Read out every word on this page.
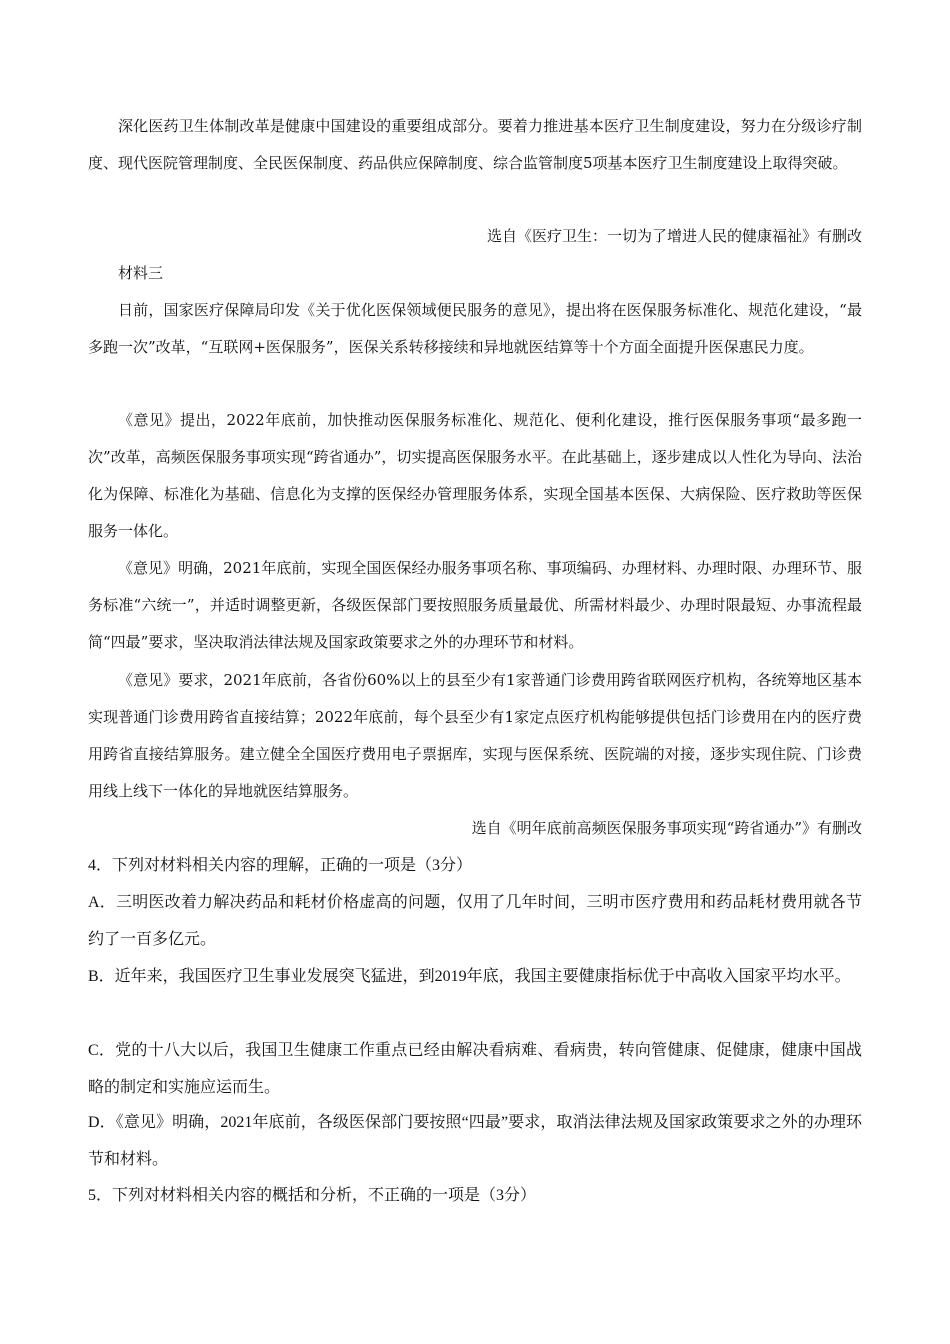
深化医药卫生体制改革是健康中国建设的重要组成部分。要着力推进基本医疗卫生制度建设，努力在分级诊疗制度、现代医院管理制度、全民医保制度、药品供应保障制度、综合监管制度5项基本医疗卫生制度建设上取得突破。

选自《医疗卫生：一切为了增进人民的健康福祉》有删改

材料三

日前，国家医疗保障局印发《关于优化医保领域便民服务的意见》，提出将在医保服务标准化、规范化建设，“最多跑一次”改革，“互联网+医保服务”，医保关系转移接续和异地就医结算等十个方面全面提升医保惠民力度。

《意见》提出，2022年底前，加快推动医保服务标准化、规范化、便利化建设，推行医保服务事项“最多跑一次”改革，高频医保服务事项实现“跨省通办”，切实提高医保服务水平。在此基础上，逐步建成以人性化为导向、法治化为保障、标准化为基础、信息化为支撑的医保经办管理服务体系，实现全国基本医保、大病保险、医疗救助等医保服务一体化。

《意见》明确，2021年底前，实现全国医保经办服务事项名称、事项编码、办理材料、办理时限、办理环节、服务标准“六统一”，并适时调整更新，各级医保部门要按照服务质量最优、所需材料最少、办理时限最短、办事流程最简“四最”要求，坚决取消法律法规及国家政策要求之外的办理环节和材料。

《意见》要求，2021年底前，各省份60%以上的县至少有1家普通门诊费用跨省联网医疗机构，各统筹地区基本实现普通门诊费用跨省直接结算；2022年底前，每个县至少有1家定点医疗机构能够提供包括门诊费用在内的医疗费用跨省直接结算服务。建立健全全国医疗费用电子票据库，实现与医保系统、医院端的对接，逐步实现住院、门诊费用线上线下一体化的异地就医结算服务。

选自《明年底前高频医保服务事项实现“跨省通办”》有删改

4．下列对材料相关内容的理解，正确的一项是（3分）

A．三明医改着力解决药品和耗材价格虚高的问题，仅用了几年时间，三明市医疗费用和药品耗材费用就各节约了一百多亿元。

B．近年来，我国医疗卫生事业发展突飞猛进，到2019年底，我国主要健康指标优于中高收入国家平均水平。

C．党的十八大以后，我国卫生健康工作重点已经由解决看病难、看病贵，转向管健康、促健康，健康中国战略的制定和实施应运而生。

D．《意见》明确，2021年底前，各级医保部门要按照“四最”要求，取消法律法规及国家政策要求之外的办理环节和材料。

5．下列对材料相关内容的概括和分析，不正确的一项是（3分）
